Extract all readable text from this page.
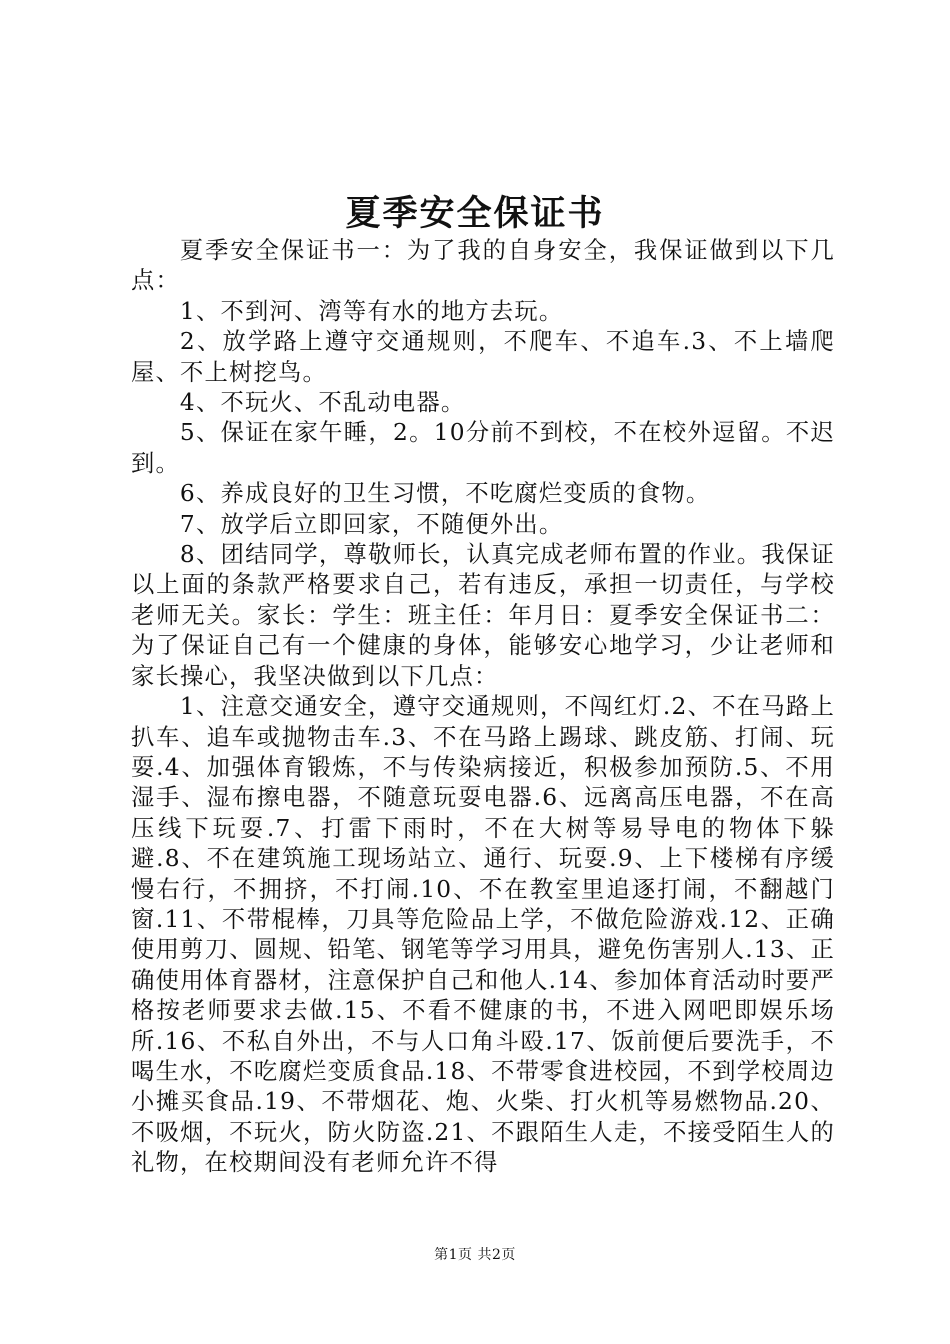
夏季安全保证书

夏季安全保证书一：为了我的自身安全，我保证做到以下几点：

1、不到河、湾等有水的地方去玩。

2、放学路上遵守交通规则，不爬车、不追车.3、不上墙爬屋、不上树挖鸟。

4、不玩火、不乱动电器。

5、保证在家午睡，2。10分前不到校，不在校外逗留。不迟到。

6、养成良好的卫生习惯，不吃腐烂变质的食物。

7、放学后立即回家，不随便外出。

8、团结同学，尊敬师长，认真完成老师布置的作业。我保证以上面的条款严格要求自己，若有违反，承担一切责任，与学校老师无关。家长：学生：班主任：年月日：夏季安全保证书二：为了保证自己有一个健康的身体，能够安心地学习，少让老师和家长操心，我坚决做到以下几点：

1、注意交通安全，遵守交通规则，不闯红灯.2、不在马路上扒车、追车或抛物击车.3、不在马路上踢球、跳皮筋、打闹、玩耍.4、加强体育锻炼，不与传染病接近，积极参加预防.5、不用湿手、湿布擦电器，不随意玩耍电器.6、远离高压电器，不在高压线下玩耍.7、打雷下雨时，不在大树等易导电的物体下躲避.8、不在建筑施工现场站立、通行、玩耍.9、上下楼梯有序缓慢右行，不拥挤，不打闹.10、不在教室里追逐打闹，不翻越门窗.11、不带棍棒，刀具等危险品上学，不做危险游戏.12、正确使用剪刀、圆规、铅笔、钢笔等学习用具，避免伤害别人.13、正确使用体育器材，注意保护自己和他人.14、参加体育活动时要严格按老师要求去做.15、不看不健康的书，不进入网吧即娱乐场所.16、不私自外出，不与人口角斗殴.17、饭前便后要洗手，不喝生水，不吃腐烂变质食品.18、不带零食进校园，不到学校周边小摊买食品.19、不带烟花、炮、火柴、打火机等易燃物品.20、不吸烟，不玩火，防火防盗.21、不跟陌生人走，不接受陌生人的礼物，在校期间没有老师允许不得

第1页 共2页
